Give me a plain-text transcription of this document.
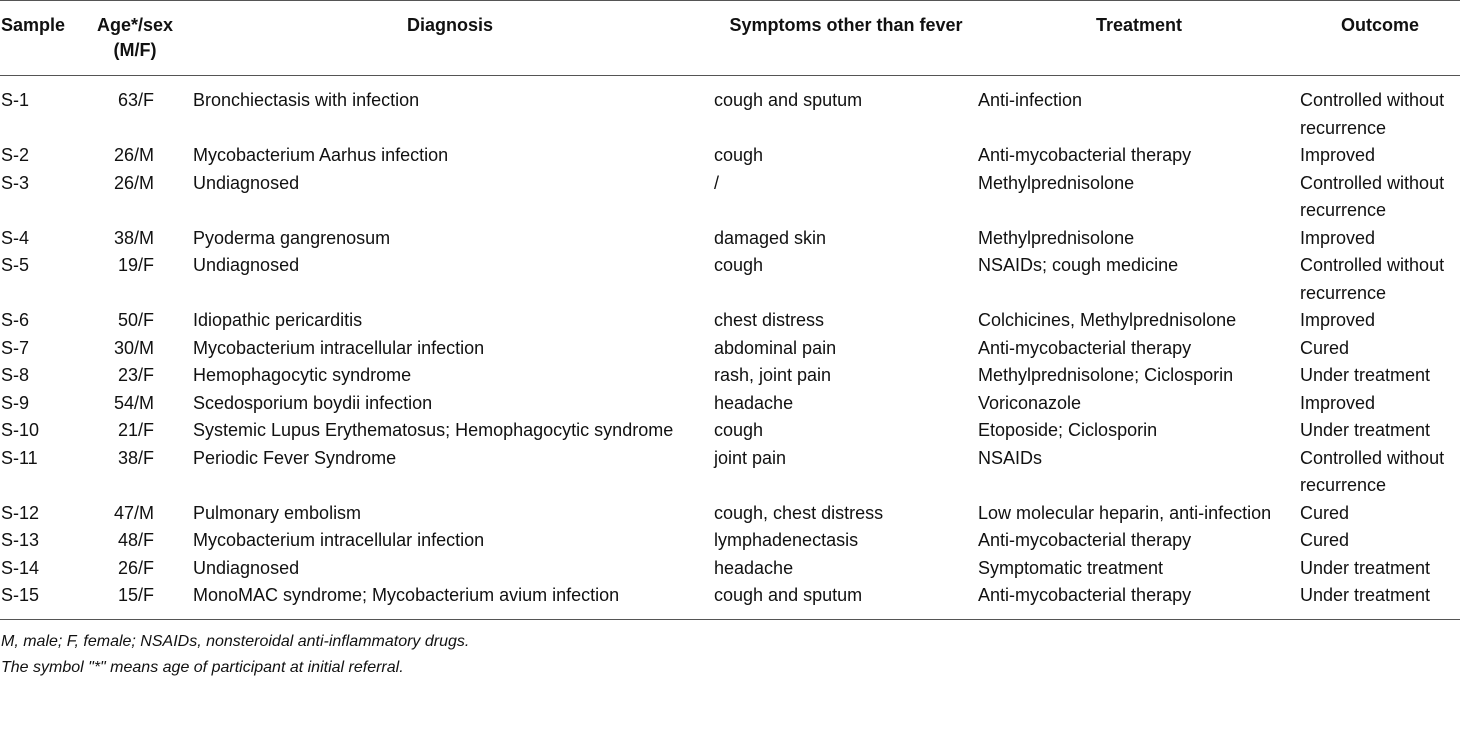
Sample	Age*/sex (M/F)	Diagnosis	Symptoms other than fever	Treatment	Outcome
S-1	63/F	Bronchiectasis with infection	cough and sputum	Anti-infection	Controlled without recurrence
S-2	26/M	Mycobacterium Aarhus infection	cough	Anti-mycobacterial therapy	Improved
S-3	26/M	Undiagnosed	/	Methylprednisolone	Controlled without recurrence
S-4	38/M	Pyoderma gangrenosum	damaged skin	Methylprednisolone	Improved
S-5	19/F	Undiagnosed	cough	NSAIDs; cough medicine	Controlled without recurrence
S-6	50/F	Idiopathic pericarditis	chest distress	Colchicines, Methylprednisolone	Improved
S-7	30/M	Mycobacterium intracellular infection	abdominal pain	Anti-mycobacterial therapy	Cured
S-8	23/F	Hemophagocytic syndrome	rash, joint pain	Methylprednisolone; Ciclosporin	Under treatment
S-9	54/M	Scedosporium boydii infection	headache	Voriconazole	Improved
S-10	21/F	Systemic Lupus Erythematosus; Hemophagocytic syndrome	cough	Etoposide; Ciclosporin	Under treatment
S-11	38/F	Periodic Fever Syndrome	joint pain	NSAIDs	Controlled without recurrence
S-12	47/M	Pulmonary embolism	cough, chest distress	Low molecular heparin, anti-infection	Cured
S-13	48/F	Mycobacterium intracellular infection	lymphadenectasis	Anti-mycobacterial therapy	Cured
S-14	26/F	Undiagnosed	headache	Symptomatic treatment	Under treatment
S-15	15/F	MonoMAC syndrome; Mycobacterium avium infection	cough and sputum	Anti-mycobacterial therapy	Under treatment
M, male; F, female; NSAIDs, nonsteroidal anti-inflammatory drugs.
The symbol "*" means age of participant at initial referral.
